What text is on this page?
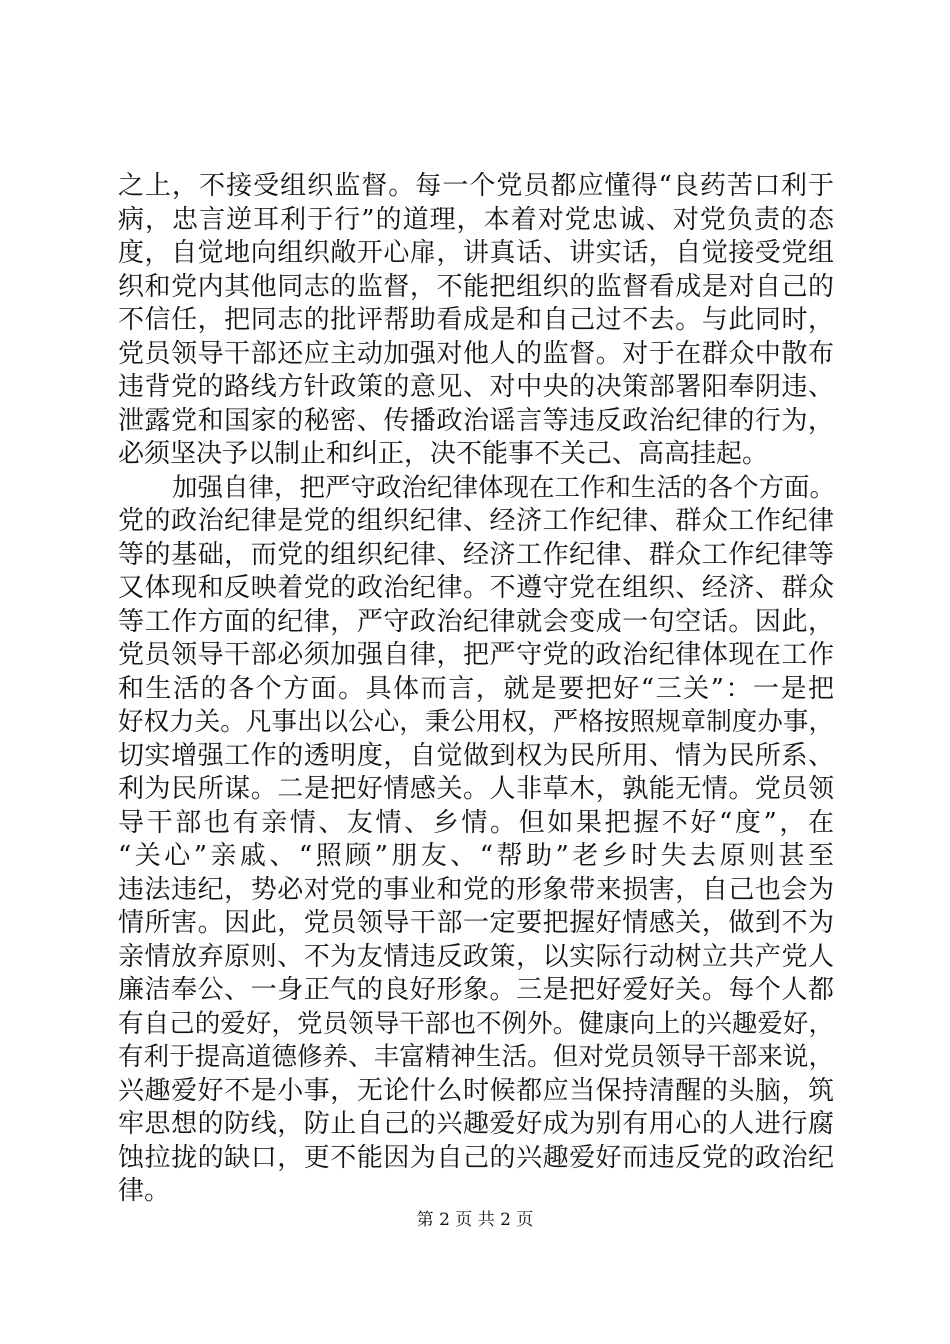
之上，不接受组织监督。每一个党员都应懂得“良药苦口利于
病，忠言逆耳利于行”的道理，本着对党忠诚、对党负责的态
度，自觉地向组织敞开心扉，讲真话、讲实话，自觉接受党组
织和党内其他同志的监督，不能把组织的监督看成是对自己的
不信任，把同志的批评帮助看成是和自己过不去。与此同时，
党员领导干部还应主动加强对他人的监督。对于在群众中散布
违背党的路线方针政策的意见、对中央的决策部署阳奉阴违、
泄露党和国家的秘密、传播政治谣言等违反政治纪律的行为，
必须坚决予以制止和纠正，决不能事不关己、高高挂起。
加强自律，把严守政治纪律体现在工作和生活的各个方面。
党的政治纪律是党的组织纪律、经济工作纪律、群众工作纪律
等的基础，而党的组织纪律、经济工作纪律、群众工作纪律等
又体现和反映着党的政治纪律。不遵守党在组织、经济、群众
等工作方面的纪律，严守政治纪律就会变成一句空话。因此，
党员领导干部必须加强自律，把严守党的政治纪律体现在工作
和生活的各个方面。具体而言，就是要把好“三关”：一是把
好权力关。凡事出以公心，秉公用权，严格按照规章制度办事，
切实增强工作的透明度，自觉做到权为民所用、情为民所系、
利为民所谋。二是把好情感关。人非草木，孰能无情。党员领
导干部也有亲情、友情、乡情。但如果把握不好“度”，在
“关心”亲戚、“照顾”朋友、“帮助”老乡时失去原则甚至
违法违纪，势必对党的事业和党的形象带来损害，自己也会为
情所害。因此，党员领导干部一定要把握好情感关，做到不为
亲情放弃原则、不为友情违反政策，以实际行动树立共产党人
廉洁奉公、一身正气的良好形象。三是把好爱好关。每个人都
有自己的爱好，党员领导干部也不例外。健康向上的兴趣爱好，
有利于提高道德修养、丰富精神生活。但对党员领导干部来说，
兴趣爱好不是小事，无论什么时候都应当保持清醒的头脑，筑
牢思想的防线，防止自己的兴趣爱好成为别有用心的人进行腐
蚀拉拢的缺口，更不能因为自己的兴趣爱好而违反党的政治纪
律。
第 2 页 共 2 页
